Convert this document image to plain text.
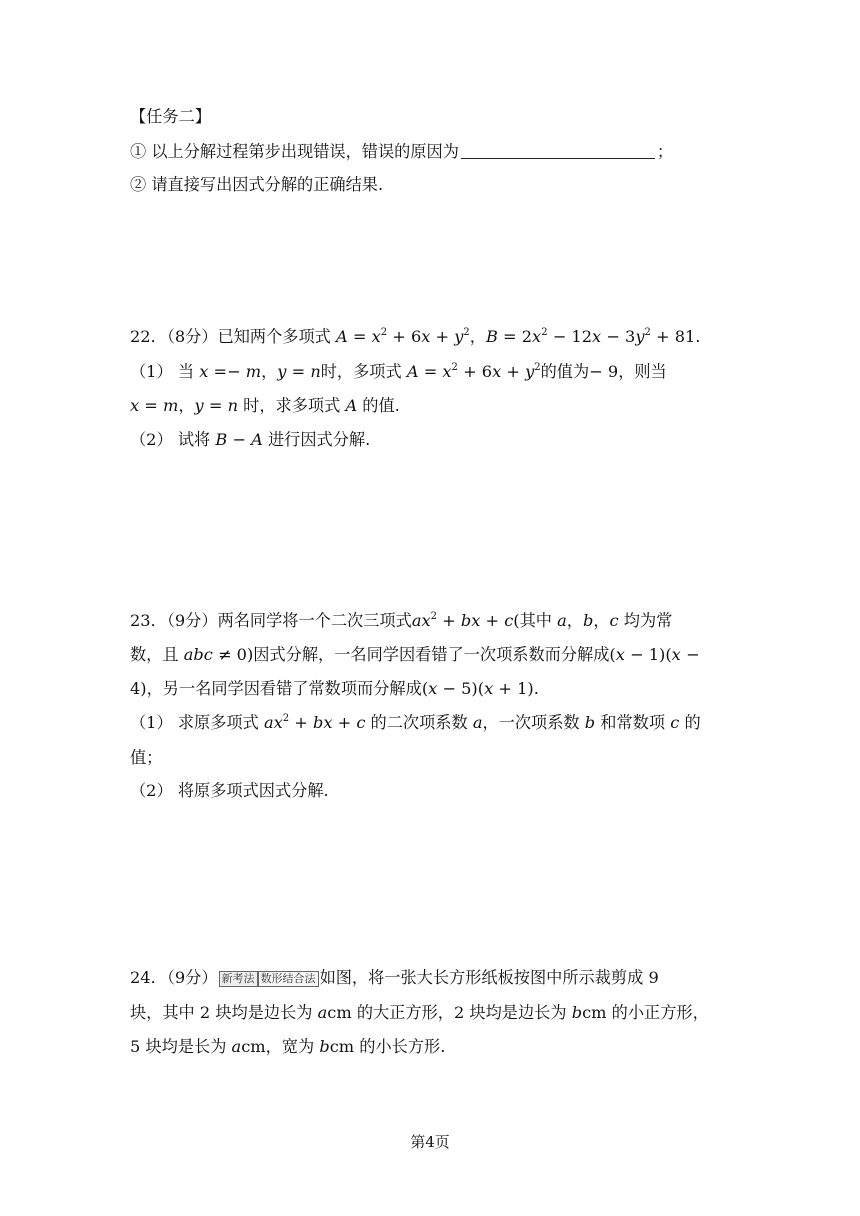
【任务二】
① 以上分解过程第步出现错误，错误的原因为	；
② 请直接写出因式分解的正确结果.
22．（8分）已知两个多项式 $A = x^2 + 6x + y^2$，$B = 2x^2 - 12x - 3y^2 + 81$.
（1） 当 x =− m，y = n时，多项式 $A = x^2 + 6x + y^2$的值为− 9，则当
x = m，y = n 时，求多项式 A 的值.
（2） 试将 B − A 进行因式分解.
23．（9分）两名同学将一个二次三项式$ax^2$ + bx + c(其中 a，b，c 均为常
数，且 abc ≠ 0)因式分解，一名同学因看错了一次项系数而分解成(x − 1)(x −
4)，另一名同学因看错了常数项而分解成(x − 5)(x + 1).
（1） 求原多项式 $ax^2$ + bx + c 的二次项系数 a，一次项系数 b 和常数项 c 的
值；
（2） 将原多项式因式分解.
24．（9分） 新考法 数形结合法 如图，将一张大长方形纸板按图中所示裁剪成 9
块，其中 2 块均是边长为 acm 的大正方形，2 块均是边长为 bcm 的小正方形，
5 块均是长为 acm，宽为 bcm 的小长方形.
第4页
